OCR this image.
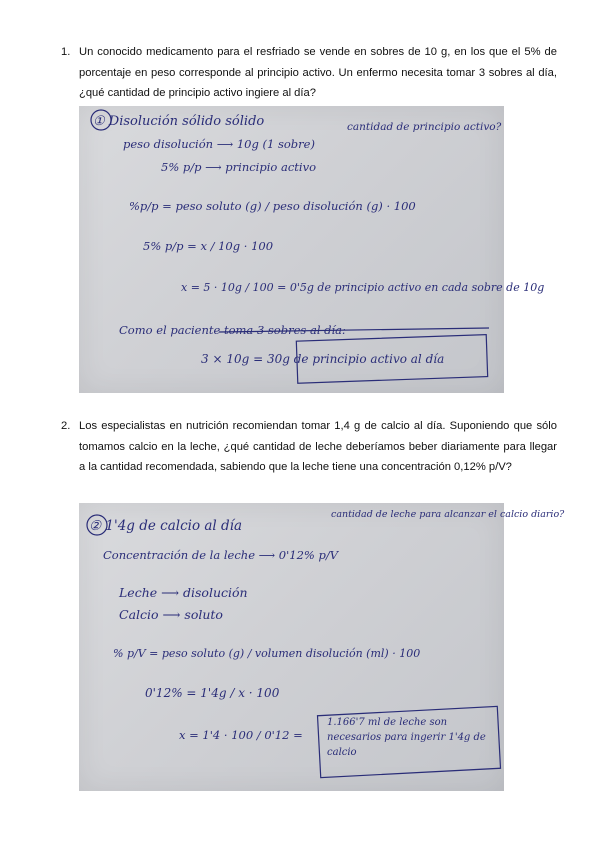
1. Un conocido medicamento para el resfriado se vende en sobres de 10 g, en los que el 5% de porcentaje en peso corresponde al principio activo. Un enfermo necesita tomar 3 sobres al día, ¿qué cantidad de principio activo ingiere al día?
① Disolución sólido sólido
peso disolución ⟶ 10g (1 sobre)
cantidad de principio activo?
5% p/p ⟶ principio activo
%p/p = peso soluto (g) / peso disolución (g) · 100
5% p/p = x / 10g · 100
x = 5 · 10g / 100 = 0'5g de principio activo en cada sobre de 10g
Como el paciente toma 3 sobres al día:
3 × 10g = 30g de principio activo al día
2. Los especialistas en nutrición recomiendan tomar 1,4 g de calcio al día. Suponiendo que sólo tomamos calcio en la leche, ¿qué cantidad de leche deberíamos beber diariamente para llegar a la cantidad recomendada, sabiendo que la leche tiene una concentración 0,12% p/V?
② 1'4g de calcio al día
cantidad de leche para alcanzar el calcio diario?
Concentración de la leche ⟶ 0'12% p/V
Leche ⟶ disolución
Calcio ⟶ soluto
% p/V = peso soluto (g) / volumen disolución (ml) · 100
0'12% = 1'4g / x · 100
x = 1'4 · 100 / 0'12 =
1.166'7 ml de leche son necesarios para ingerir 1'4g de calcio
